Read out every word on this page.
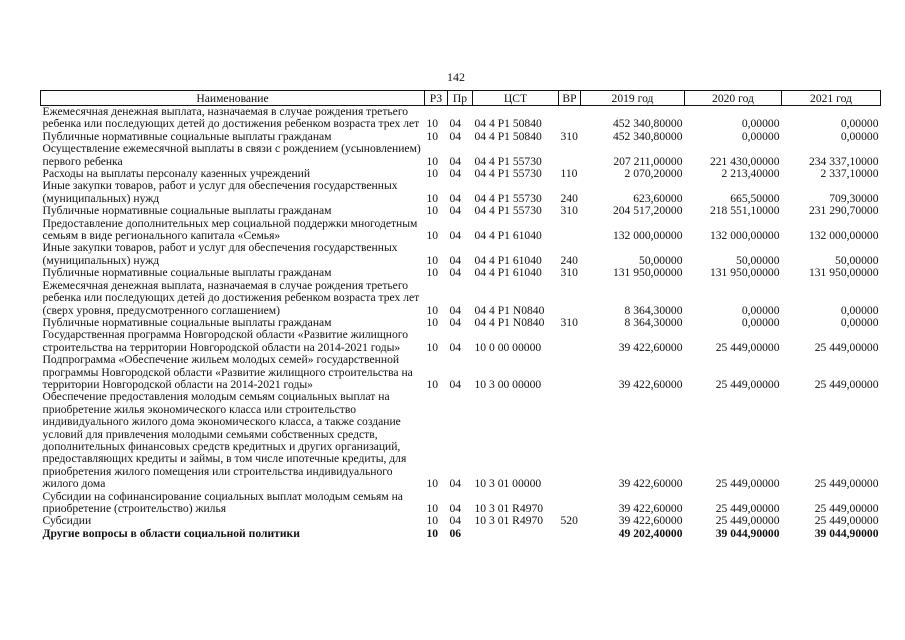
142
Наименование	РЗ	Пр	ЦСТ	ВР	2019 год	2020 год	2021 год
Ежемесячная денежная выплата, назначаемая в случае рождения третьего ребенка или последующих детей до достижения ребенком возраста трех лет	10	04	04 4 P1 50840		452 340,80000	0,00000	0,00000
Публичные нормативные социальные выплаты гражданам	10	04	04 4 P1 50840	310	452 340,80000	0,00000	0,00000
Осуществление ежемесячной выплаты в связи с рождением (усыновлением) первого ребенка	10	04	04 4 P1 55730		207 211,00000	221 430,00000	234 337,10000
Расходы на выплаты персоналу казенных учреждений	10	04	04 4 P1 55730	110	2 070,20000	2 213,40000	2 337,10000
Иные закупки товаров, работ и услуг для обеспечения государственных (муниципальных) нужд	10	04	04 4 P1 55730	240	623,60000	665,50000	709,30000
Публичные нормативные социальные выплаты гражданам	10	04	04 4 P1 55730	310	204 517,20000	218 551,10000	231 290,70000
Предоставление дополнительных мер социальной поддержки многодетным семьям в виде регионального капитала «Семья»	10	04	04 4 P1 61040		132 000,00000	132 000,00000	132 000,00000
Иные закупки товаров, работ и услуг для обеспечения государственных (муниципальных) нужд	10	04	04 4 P1 61040	240	50,00000	50,00000	50,00000
Публичные нормативные социальные выплаты гражданам	10	04	04 4 P1 61040	310	131 950,00000	131 950,00000	131 950,00000
Ежемесячная денежная выплата, назначаемая в случае рождения третьего ребенка или последующих детей до достижения ребенком возраста трех лет (сверх уровня, предусмотренного соглашением)	10	04	04 4 P1 N0840		8 364,30000	0,00000	0,00000
Публичные нормативные социальные выплаты гражданам	10	04	04 4 P1 N0840	310	8 364,30000	0,00000	0,00000
Государственная программа Новгородской области «Развитие жилищного строительства на территории Новгородской области на 2014-2021 годы»	10	04	10 0 00 00000		39 422,60000	25 449,00000	25 449,00000
Подпрограмма «Обеспечение жильем молодых семей» государственной программы Новгородской области «Развитие жилищного строительства на территории Новгородской области на 2014-2021 годы»	10	04	10 3 00 00000		39 422,60000	25 449,00000	25 449,00000
Обеспечение предоставления молодым семьям социальных выплат на приобретение жилья экономического класса или строительство индивидуального жилого дома экономического класса, а также создание условий для привлечения молодыми семьями собственных средств, дополнительных финансовых средств кредитных и других организаций, предоставляющих кредиты и займы, в том числе ипотечные кредиты, для приобретения жилого помещения или строительства индивидуального жилого дома	10	04	10 3 01 00000		39 422,60000	25 449,00000	25 449,00000
Субсидии на софинансирование социальных выплат молодым семьям на приобретение (строительство) жилья	10	04	10 3 01 R4970		39 422,60000	25 449,00000	25 449,00000
Субсидии	10	04	10 3 01 R4970	520	39 422,60000	25 449,00000	25 449,00000
Другие вопросы в области социальной политики	10	06			49 202,40000	39 044,90000	39 044,90000
